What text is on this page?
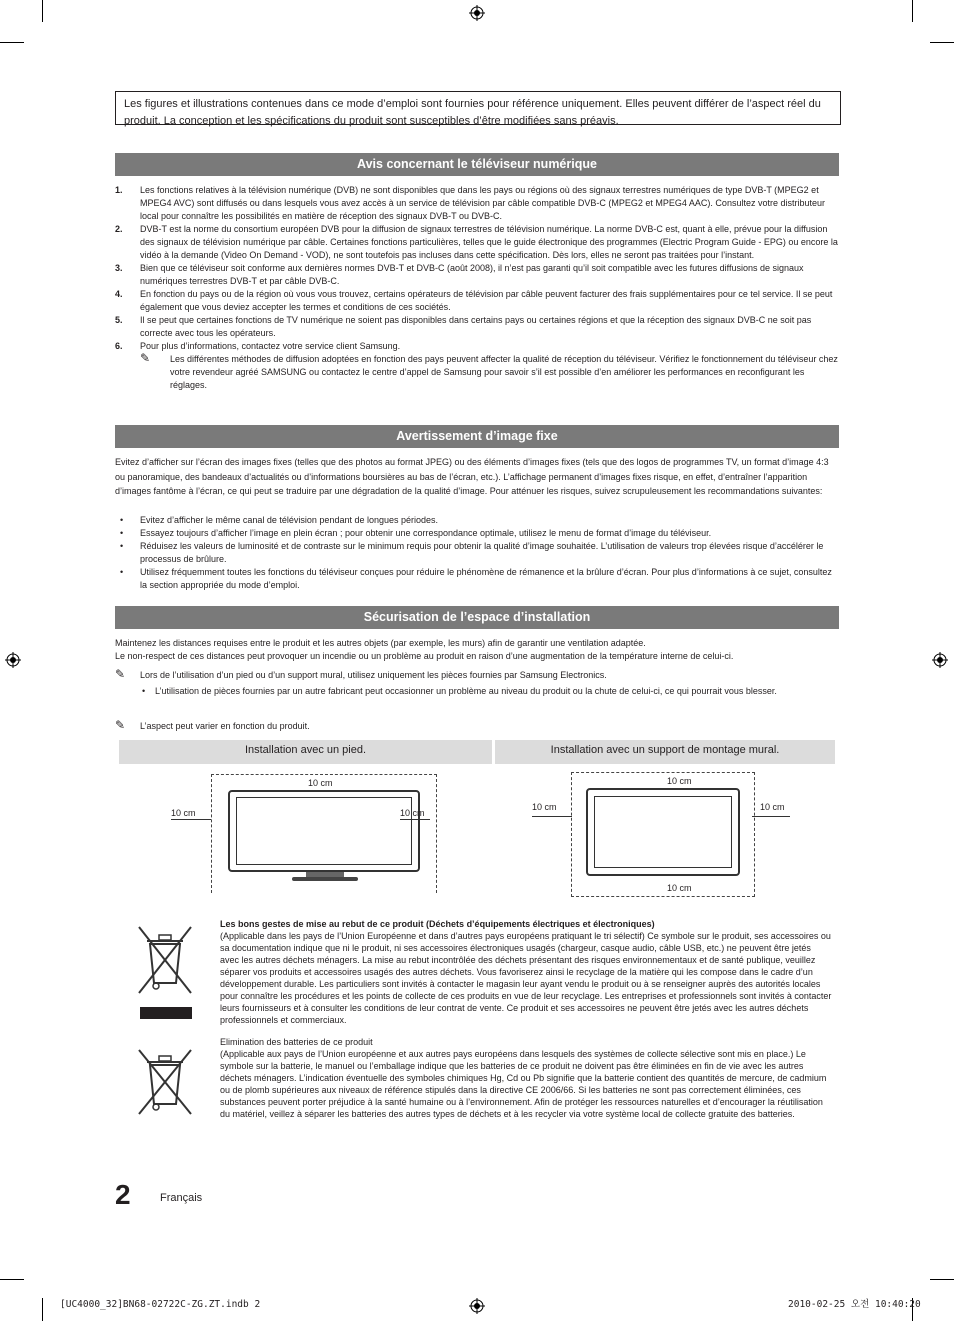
Les figures et illustrations contenues dans ce mode d’emploi sont fournies pour référence uniquement. Elles peuvent différer de l’aspect réel du produit. La conception et les spécifications du produit sont susceptibles d’être modifiées sans préavis.
Avis concernant le téléviseur numérique
1. Les fonctions relatives à la télévision numérique (DVB) ne sont disponibles que dans les pays ou régions où des signaux terrestres numériques de type DVB-T (MPEG2 et MPEG4 AVC) sont diffusés ou dans lesquels vous avez accès à un service de télévision par câble compatible DVB-C (MPEG2 et MPEG4 AAC). Consultez votre distributeur local pour connaître les possibilités en matière de réception des signaux DVB-T ou DVB-C.
2. DVB-T est la norme du consortium européen DVB pour la diffusion de signaux terrestres de télévision numérique. La norme DVB-C est, quant à elle, prévue pour la diffusion des signaux de télévision numérique par câble. Certaines fonctions particulières, telles que le guide électronique des programmes (Electric Program Guide - EPG) ou encore la vidéo à la demande (Video On Demand - VOD), ne sont toutefois pas incluses dans cette spécification. Dès lors, elles ne seront pas traitées pour l’instant.
3. Bien que ce téléviseur soit conforme aux dernières normes DVB-T et DVB-C (août 2008), il n’est pas garanti qu’il soit compatible avec les futures diffusions de signaux numériques terrestres DVB-T et par câble DVB-C.
4. En fonction du pays ou de la région où vous vous trouvez, certains opérateurs de télévision par câble peuvent facturer des frais supplémentaires pour ce tel service. Il se peut également que vous deviez accepter les termes et conditions de ces sociétés.
5. Il se peut que certaines fonctions de TV numérique ne soient pas disponibles dans certains pays ou certaines régions et que la réception des signaux DVB-C ne soit pas correcte avec tous les opérateurs.
6. Pour plus d’informations, contactez votre service client Samsung.
✎ Les différentes méthodes de diffusion adoptées en fonction des pays peuvent affecter la qualité de réception du téléviseur. Vérifiez le fonctionnement du téléviseur chez votre revendeur agréé SAMSUNG ou contactez le centre d’appel de Samsung pour savoir s’il est possible d’en améliorer les performances en reconfigurant les réglages.
Avertissement d’image fixe
Evitez d’afficher sur l’écran des images fixes (telles que des photos au format JPEG) ou des éléments d’images fixes (tels que des logos de programmes TV, un format d’image 4:3 ou panoramique, des bandeaux d’actualités ou d’informations boursières au bas de l’écran, etc.). L’affichage permanent d’images fixes risque, en effet, d’entraîner l’apparition d’images fantôme à l’écran, ce qui peut se traduire par une dégradation de la qualité d’image. Pour atténuer les risques, suivez scrupuleusement les recommandations suivantes:
• Evitez d’afficher le même canal de télévision pendant de longues périodes.
• Essayez toujours d’afficher l’image en plein écran ; pour obtenir une correspondance optimale, utilisez le menu de format d’image du téléviseur.
• Réduisez les valeurs de luminosité et de contraste sur le minimum requis pour obtenir la qualité d’image souhaitée. L’utilisation de valeurs trop élevées risque d’accélérer le processus de brûlure.
• Utilisez fréquemment toutes les fonctions du téléviseur conçues pour réduire le phénomène de rémanence et la brûlure d’écran. Pour plus d’informations à ce sujet, consultez la section appropriée du mode d’emploi.
Sécurisation de l’espace d’installation
Maintenez les distances requises entre le produit et les autres objets (par exemple, les murs) afin de garantir une ventilation adaptée.
Le non-respect de ces distances peut provoquer un incendie ou un problème au produit en raison d’une augmentation de la température interne de celui-ci.
✎	Lors de l’utilisation d’un pied ou d’un support mural, utilisez uniquement les pièces fournies par Samsung Electronics.
• L’utilisation de pièces fournies par un autre fabricant peut occasionner un problème au niveau du produit ou la chute de celui-ci, ce qui pourrait vous blesser.
✎	L’aspect peut varier en fonction du produit.
Installation avec un pied.	Installation avec un support de montage mural.
10 cm
10 cm	10 cm
10 cm
10 cm
10 cm	10 cm
Les bons gestes de mise au rebut de ce produit (Déchets d’équipements électriques et électroniques)
(Applicable dans les pays de l’Union Européenne et dans d’autres pays européens pratiquant le tri sélectif) Ce symbole sur le produit, ses accessoires ou sa documentation indique que ni le produit, ni ses accessoires électroniques usagés (chargeur, casque audio, câble USB, etc.) ne peuvent être jetés avec les autres déchets ménagers. La mise au rebut incontrôlée des déchets présentant des risques environnementaux et de santé publique, veuillez séparer vos produits et accessoires usagés des autres déchets. Vous favoriserez ainsi le recyclage de la matière qui les compose dans le cadre d’un développement durable. Les particuliers sont invités à contacter le magasin leur ayant vendu le produit ou à se renseigner auprès des autorités locales pour connaître les procédures et les points de collecte de ces produits en vue de leur recyclage. Les entreprises et professionnels sont invités à contacter leurs fournisseurs et à consulter les conditions de leur contrat de vente. Ce produit et ses accessoires ne peuvent être jetés avec les autres déchets professionnels et commerciaux.
Elimination des batteries de ce produit
(Applicable aux pays de l’Union européenne et aux autres pays européens dans lesquels des systèmes de collecte sélective sont mis en place.) Le symbole sur la batterie, le manuel ou l’emballage indique que les batteries de ce produit ne doivent pas être éliminées en fin de vie avec les autres déchets ménagers. L’indication éventuelle des symboles chimiques Hg, Cd ou Pb signifie que la batterie contient des quantités de mercure, de cadmium ou de plomb supérieures aux niveaux de référence stipulés dans la directive CE 2006/66. Si les batteries ne sont pas correctement éliminées, ces substances peuvent porter préjudice à la santé humaine ou à l’environnement. Afin de protéger les ressources naturelles et d’encourager la réutilisation du matériel, veillez à séparer les batteries des autres types de déchets et à les recycler via votre système local de collecte gratuite des batteries.
2	Français
[UC4000_32]BN68-02722C-ZG.ZT.indb 2	2010-02-25 오전 10:40:20
